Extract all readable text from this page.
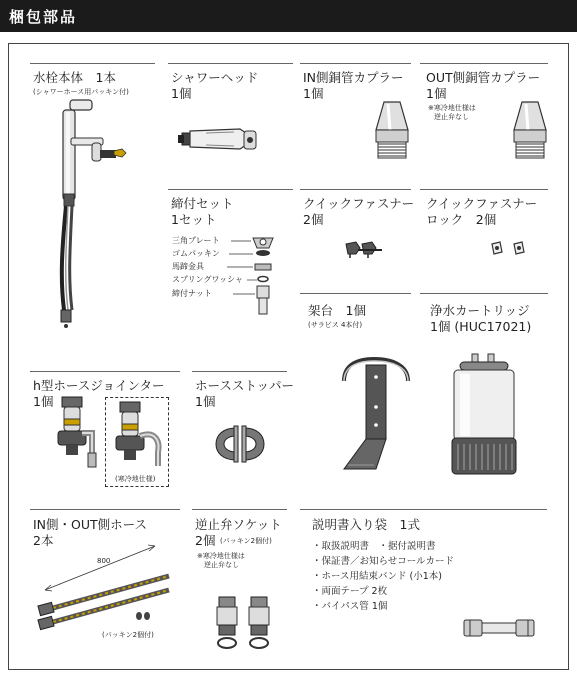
梱包部品
水栓本体　1本
(シャワーホース用パッキン付)
シャワーヘッド
1個
IN側銅管カプラー
1個
OUT側銅管カプラー
1個
※寒冷地仕様は
逆止弁なし
締付セット
1セット
三角プレート
ゴムパッキン
馬蹄金具
スプリングワッシャ
締付ナット
クイックファスナー
2個
クイックファスナー
ロック　2個
架台　1個
(サラビス 4本付)
浄水カートリッジ
1個 (HUC17021)
h型ホースジョインター
1個
(寒冷地仕様)
ホースストッパー
1個
IN側・OUT側ホース
2本
800
(パッキン2個付)
逆止弁ソケット
2個 (パッキン2個付)
※寒冷地仕様は
逆止弁なし
説明書入り袋　1式
・取扱説明書　・据付説明書
・保証書／お知らせコールカード
・ホース用結束バンド (小1本)
・両面テープ 2枚
・バイパス管 1個
